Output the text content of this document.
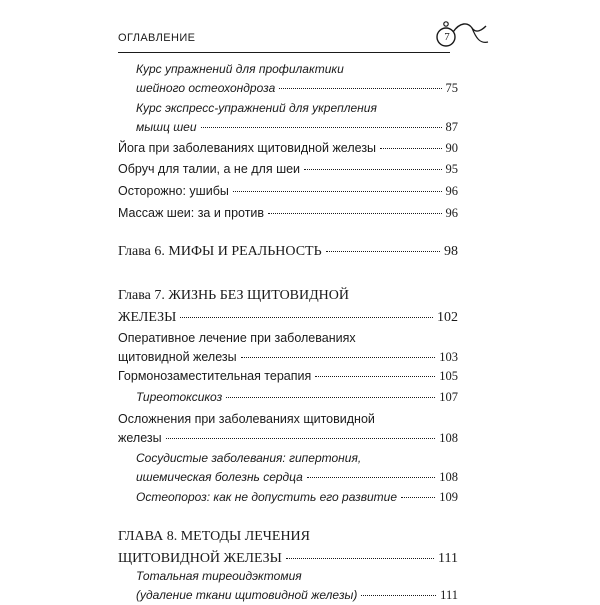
ОГЛАВЛЕНИЕ	7
Курс упражнений для профилактики
шейного остеохондроза	75
Курс экспресс-упражнений для укрепления
мышц шеи	87
Йога при заболеваниях щитовидной железы	90
Обруч для талии, а не для шеи	95
Осторожно: ушибы	96
Массаж шеи: за и против	96
Глава 6. МИФЫ И РЕАЛЬНОСТЬ	98
Глава 7. ЖИЗНЬ БЕЗ ЩИТОВИДНОЙ
ЖЕЛЕЗЫ	102
Оперативное лечение при заболеваниях
щитовидной железы	103
Гормонозаместительная терапия	105
Тиреотоксикоз	107
Осложнения при заболеваниях щитовидной
железы	108
Сосудистые заболевания: гипертония,
ишемическая болезнь сердца	108
Остеопороз: как не допустить его развитие	109
ГЛАВА 8. МЕТОДЫ ЛЕЧЕНИЯ
ЩИТОВИДНОЙ ЖЕЛЕЗЫ	111
Тотальная тиреоидэктомия
(удаление ткани щитовидной железы)	111
